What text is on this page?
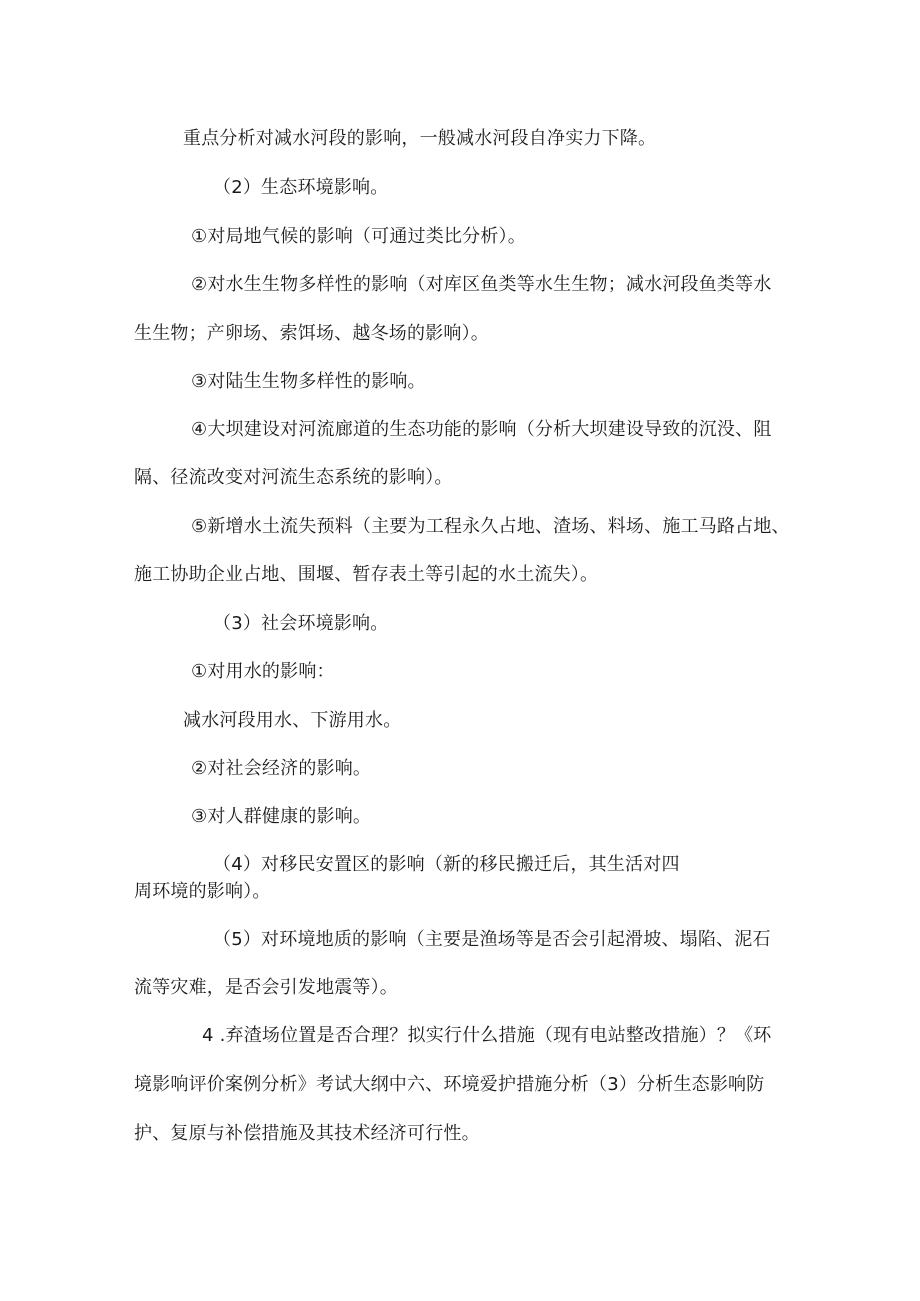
重点分析对减水河段的影响，一般减水河段自净实力下降。
（2）生态环境影响。
①对局地气候的影响（可通过类比分析）。
②对水生生物多样性的影响（对库区鱼类等水生生物；减水河段鱼类等水
生生物；产卵场、索饵场、越冬场的影响）。
③对陆生生物多样性的影响。
④大坝建设对河流廊道的生态功能的影响（分析大坝建设导致的沉没、阻
隔、径流改变对河流生态系统的影响）。
⑤新增水土流失预料（主要为工程永久占地、渣场、料场、施工马路占地、
施工协助企业占地、围堰、暂存表土等引起的水土流失）。
（3）社会环境影响。
①对用水的影响：
减水河段用水、下游用水。
②对社会经济的影响。
③对人群健康的影响。
（4）对移民安置区的影响（新的移民搬迁后，其生活对四
周环境的影响）。
（5）对环境地质的影响（主要是渔场等是否会引起滑坡、塌陷、泥石
流等灾难，是否会引发地震等）。
4 .弃渣场位置是否合理？拟实行什么措施（现有电站整改措施）？《环
境影响评价案例分析》考试大纲中六、环境爱护措施分析（3）分析生态影响防
护、复原与补偿措施及其技术经济可行性。
